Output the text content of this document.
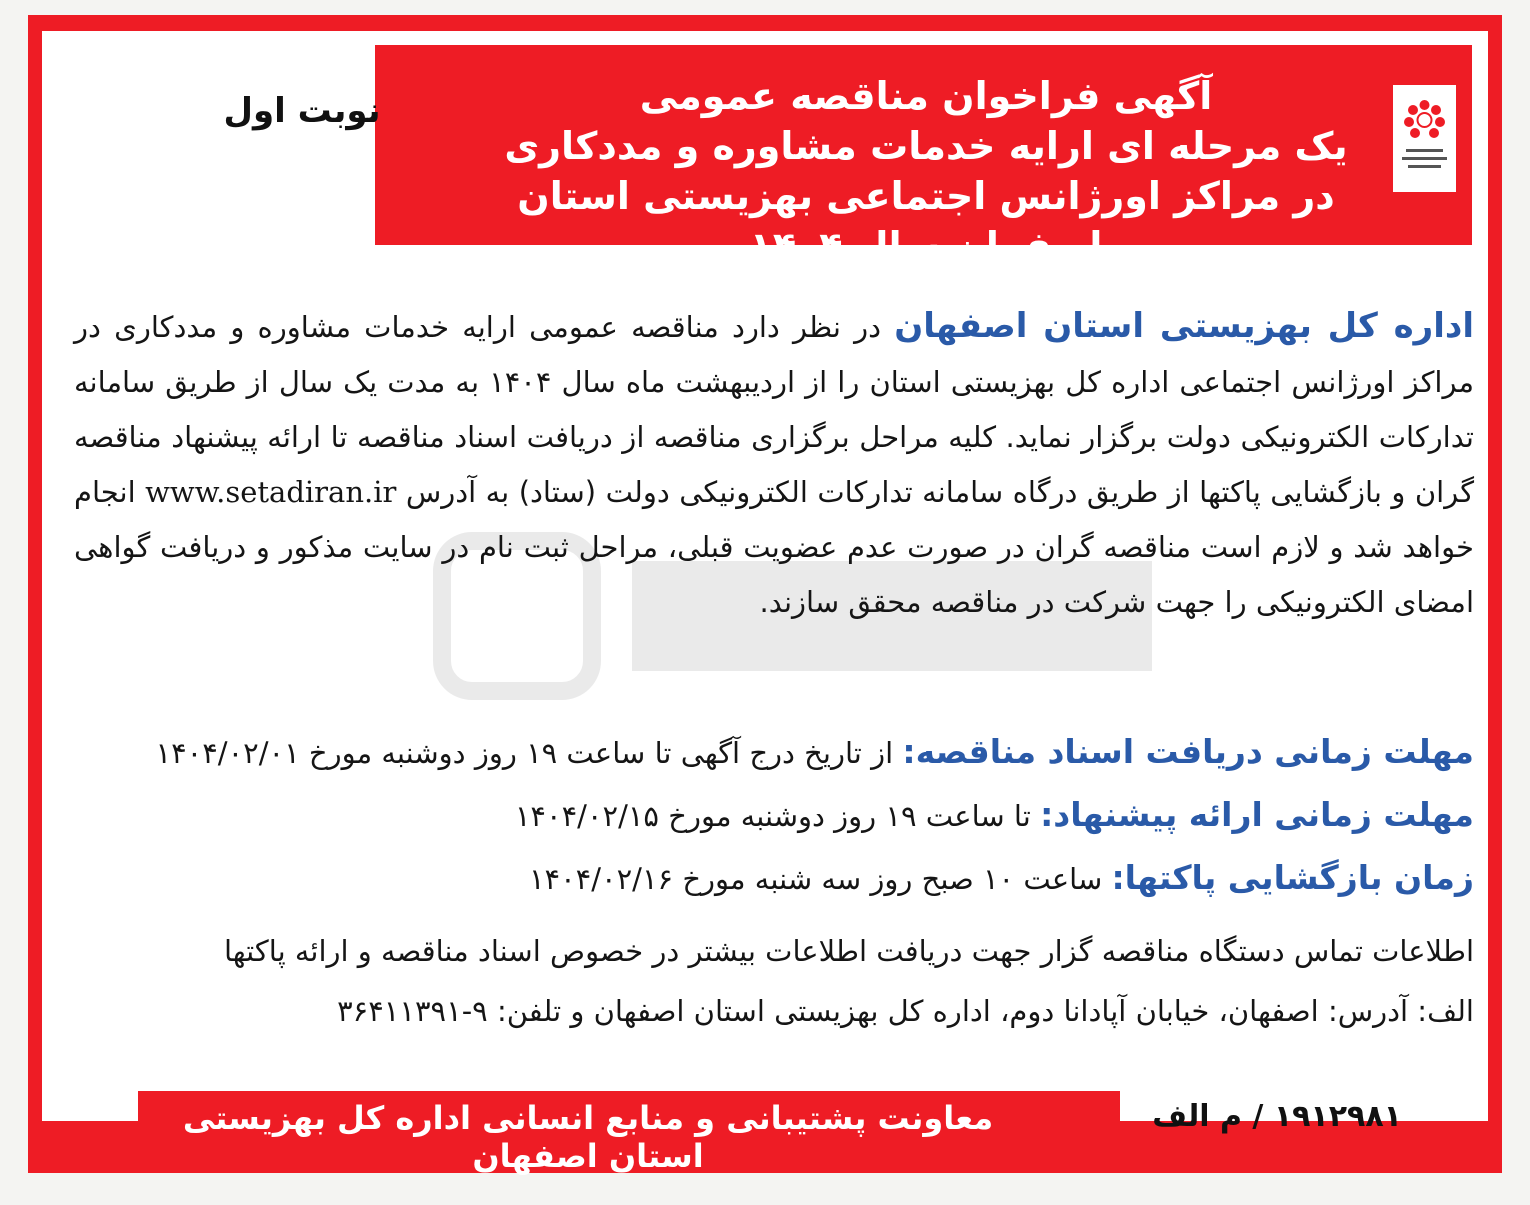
آگهی فراخوان مناقصه عمومی
یک مرحله ای ارایه خدمات مشاوره و مددکاری
در مراکز اورژانس اجتماعی بهزیستی استان اصفهان سال ۱۴۰۴
نوبت اول

اداره کل بهزیستی استان اصفهان در نظر دارد مناقصه عمومی ارایه خدمات مشاوره و مددکاری در مراکز اورژانس اجتماعی اداره کل بهزیستی استان را از اردیبهشت ماه سال ۱۴۰۴ به مدت یک سال از طریق سامانه تدارکات الکترونیکی دولت برگزار نماید. کلیه مراحل برگزاری مناقصه از دریافت اسناد مناقصه تا ارائه پیشنهاد مناقصه گران و بازگشایی پاکتها از طریق درگاه سامانه تدارکات الکترونیکی دولت (ستاد) به آدرس www.setadiran.ir انجام خواهد شد و لازم است مناقصه گران در صورت عدم عضویت قبلی، مراحل ثبت نام در سایت مذکور و دریافت گواهی امضای الکترونیکی را جهت شرکت در مناقصه محقق سازند.

مهلت زمانی دریافت اسناد مناقصه: از تاریخ درج آگهی تا ساعت ۱۹ روز دوشنبه مورخ ۱۴۰۴/۰۲/۰۱

مهلت زمانی ارائه پیشنهاد: تا ساعت ۱۹ روز دوشنبه مورخ ۱۴۰۴/۰۲/۱۵

زمان بازگشایی پاکتها: ساعت ۱۰ صبح روز سه شنبه مورخ ۱۴۰۴/۰۲/۱۶

اطلاعات تماس دستگاه مناقصه گزار جهت دریافت اطلاعات بیشتر در خصوص اسناد مناقصه و ارائه پاکتها

الف: آدرس: اصفهان، خیابان آپادانا دوم، اداره کل بهزیستی استان اصفهان و تلفن: ۹-۳۶۴۱۱۳۹۱

معاونت پشتیبانی و منابع انسانی اداره کل بهزیستی استان اصفهان
۱۹۱۲۹۸۱ / م الف
